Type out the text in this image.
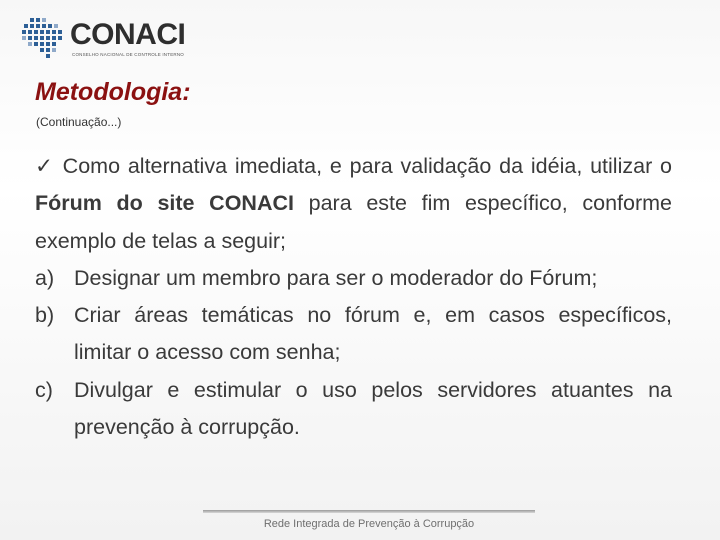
CONACI
CONSELHO NACIONAL DE CONTROLE INTERNO
Metodologia:
(Continuação...)

✓ Como alternativa imediata, e para validação da idéia, utilizar o Fórum do site CONACI para este fim específico, conforme exemplo de telas a seguir;

a) Designar um membro para ser o moderador do Fórum;
b) Criar áreas temáticas no fórum e, em casos específicos, limitar o acesso com senha;
c) Divulgar e estimular o uso pelos servidores atuantes na prevenção à corrupção.
Rede Integrada de Prevenção à Corrupção
